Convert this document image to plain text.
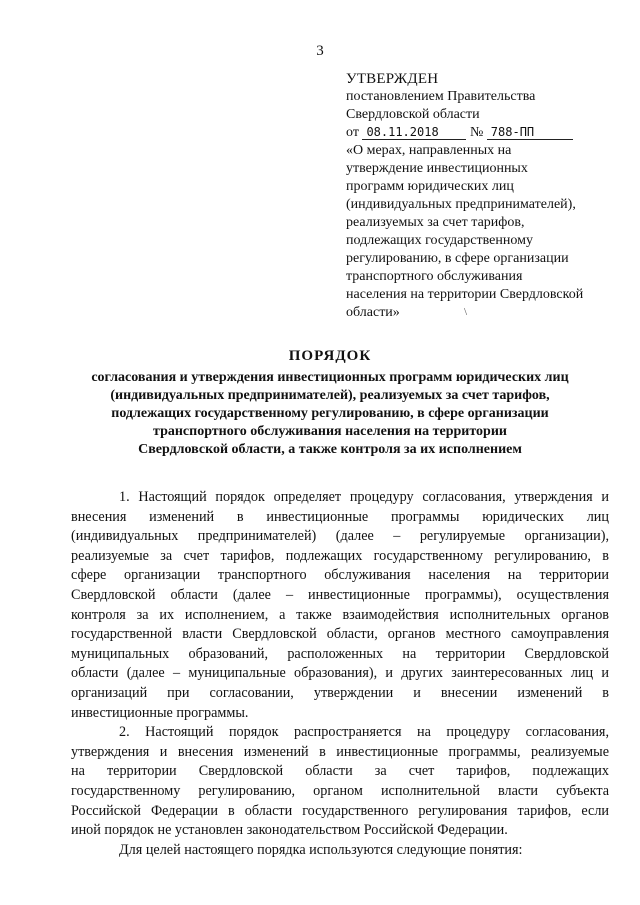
3
УТВЕРЖДЕН
постановлением Правительства
Свердловской области
от 08.11.2018 № 788-ПП
«О мерах, направленных на
утверждение инвестиционных
программ юридических лиц
(индивидуальных предпринимателей),
реализуемых за счет тарифов,
подлежащих государственному
регулированию, в сфере организации
транспортного обслуживания
населения на территории Свердловской
области»	\
ПОРЯДОК
согласования и утверждения инвестиционных программ юридических лиц
(индивидуальных предпринимателей), реализуемых за счет тарифов,
подлежащих государственному регулированию, в сфере организации
транспортного обслуживания населения на территории
Свердловской области, а также контроля за их исполнением
1. Настоящий порядок определяет процедуру согласования, утверждения и
внесения изменений в инвестиционные программы юридических лиц
(индивидуальных предпринимателей) (далее – регулируемые организации),
реализуемые за счет тарифов, подлежащих государственному регулированию, в
сфере организации транспортного обслуживания населения на территории
Свердловской области (далее – инвестиционные программы), осуществления
контроля за их исполнением, а также взаимодействия исполнительных органов
государственной власти Свердловской области, органов местного самоуправления
муниципальных образований, расположенных на территории Свердловской
области (далее – муниципальные образования), и других заинтересованных лиц и
организаций при согласовании, утверждении и внесении изменений в
инвестиционные программы.
2. Настоящий порядок распространяется на процедуру согласования,
утверждения и внесения изменений в инвестиционные программы, реализуемые
на территории Свердловской области за счет тарифов, подлежащих
государственному регулированию, органом исполнительной власти субъекта
Российской Федерации в области государственного регулирования тарифов, если
иной порядок не установлен законодательством Российской Федерации.
Для целей настоящего порядка используются следующие понятия:
